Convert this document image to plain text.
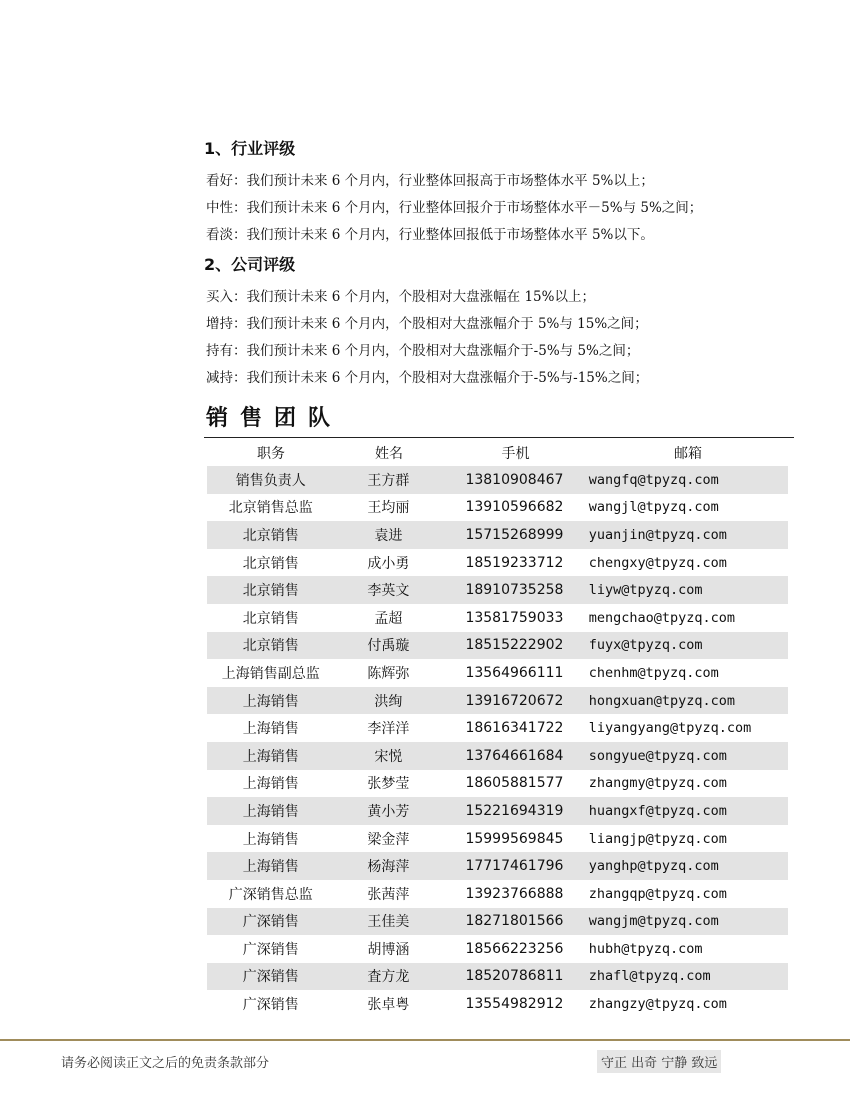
1、行业评级
看好：我们预计未来 6 个月内，行业整体回报高于市场整体水平 5%以上；
中性：我们预计未来 6 个月内，行业整体回报介于市场整体水平－5%与 5%之间；
看淡：我们预计未来 6 个月内，行业整体回报低于市场整体水平 5%以下。
2、公司评级
买入：我们预计未来 6 个月内，个股相对大盘涨幅在 15%以上；
增持：我们预计未来 6 个月内，个股相对大盘涨幅介于 5%与 15%之间；
持有：我们预计未来 6 个月内，个股相对大盘涨幅介于-5%与 5%之间；
减持：我们预计未来 6 个月内，个股相对大盘涨幅介于-5%与-15%之间；
销售团队
职务	姓名	手机	邮箱
销售负责人	王方群	13810908467	wangfq@tpyzq.com
北京销售总监	王均丽	13910596682	wangjl@tpyzq.com
北京销售	袁进	15715268999	yuanjin@tpyzq.com
北京销售	成小勇	18519233712	chengxy@tpyzq.com
北京销售	李英文	18910735258	liyw@tpyzq.com
北京销售	孟超	13581759033	mengchao@tpyzq.com
北京销售	付禹璇	18515222902	fuyx@tpyzq.com
上海销售副总监	陈辉弥	13564966111	chenhm@tpyzq.com
上海销售	洪绚	13916720672	hongxuan@tpyzq.com
上海销售	李洋洋	18616341722	liyangyang@tpyzq.com
上海销售	宋悦	13764661684	songyue@tpyzq.com
上海销售	张梦莹	18605881577	zhangmy@tpyzq.com
上海销售	黄小芳	15221694319	huangxf@tpyzq.com
上海销售	梁金萍	15999569845	liangjp@tpyzq.com
上海销售	杨海萍	17717461796	yanghp@tpyzq.com
广深销售总监	张茜萍	13923766888	zhangqp@tpyzq.com
广深销售	王佳美	18271801566	wangjm@tpyzq.com
广深销售	胡博涵	18566223256	hubh@tpyzq.com
广深销售	査方龙	18520786811	zhafl@tpyzq.com
广深销售	张卓粤	13554982912	zhangzy@tpyzq.com
请务必阅读正文之后的免责条款部分	守正 出奇 宁静 致远
